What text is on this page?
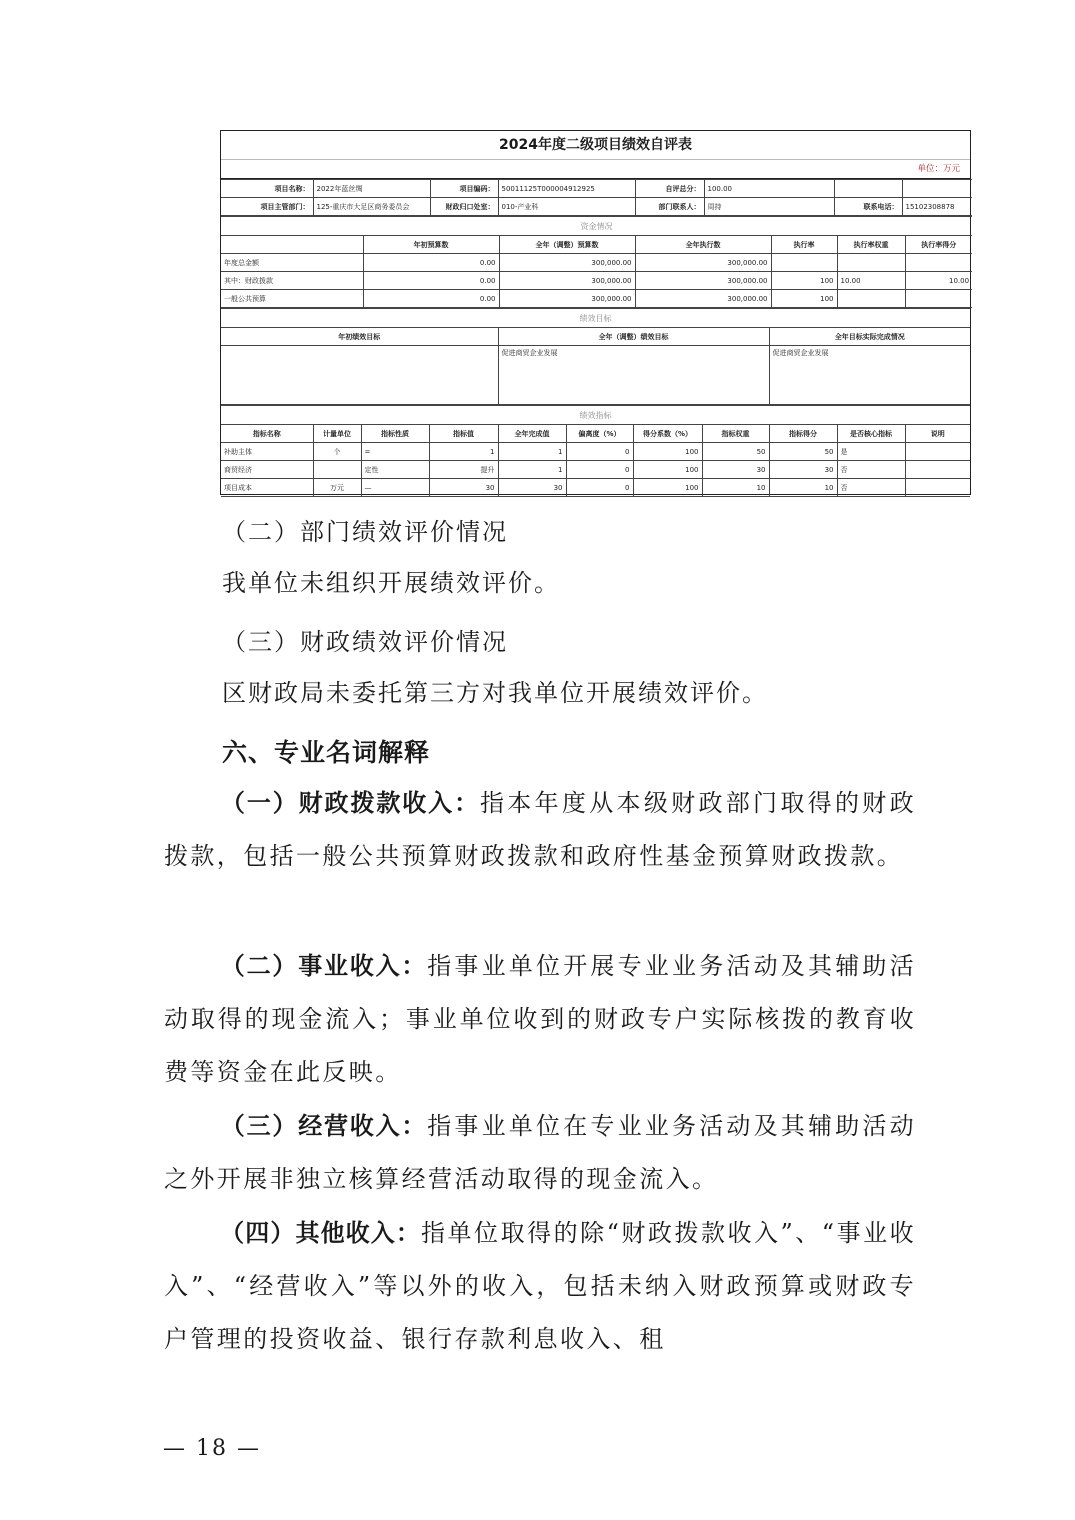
2024年度二级项目绩效自评表
单位：万元
项目名称：	2022年蓝丝绸	项目编码：	50011125T000004912925	自评总分：	100.00		
项目主管部门：	125-重庆市大足区商务委员会	财政归口处室：	010-产业科	部门联系人：	周持	联系电话：	15102308878
资金情况						
	年初预算数	全年（调整）预算数	全年执行数	执行率	执行率权重	执行率得分
年度总金额	0.00	300,000.00	300,000.00			
其中：财政拨款	0.00	300,000.00	300,000.00	100	10.00	10.00
一般公共预算	0.00	300,000.00	300,000.00	100		
绩效目标		
年初绩效目标	全年（调整）绩效目标	全年目标实际完成情况
	促进商贸企业发展	促进商贸企业发展
绩效指标										
指标名称	计量单位	指标性质	指标值	全年完成值	偏离度（%）	得分系数（%）	指标权重	指标得分	是否核心指标	说明
补助主体	个	=	1	1	0	100	50	50	是	
商贸经济		定性	提升	1	0	100	30	30	否	
项目成本	万元	—	30	30	0	100	10	10	否	
（二）部门绩效评价情况
我单位未组织开展绩效评价。
（三）财政绩效评价情况
区财政局未委托第三方对我单位开展绩效评价。
六、专业名词解释
（一）财政拨款收入：指本年度从本级财政部门取得的财政拨款，包括一般公共预算财政拨款和政府性基金预算财政拨款。
（二）事业收入：指事业单位开展专业业务活动及其辅助活动取得的现金流入；事业单位收到的财政专户实际核拨的教育收费等资金在此反映。
（三）经营收入：指事业单位在专业业务活动及其辅助活动之外开展非独立核算经营活动取得的现金流入。
（四）其他收入：指单位取得的除“财政拨款收入”、“事业收入”、“经营收入”等以外的收入，包括未纳入财政预算或财政专户管理的投资收益、银行存款利息收入、租
— 18 —
